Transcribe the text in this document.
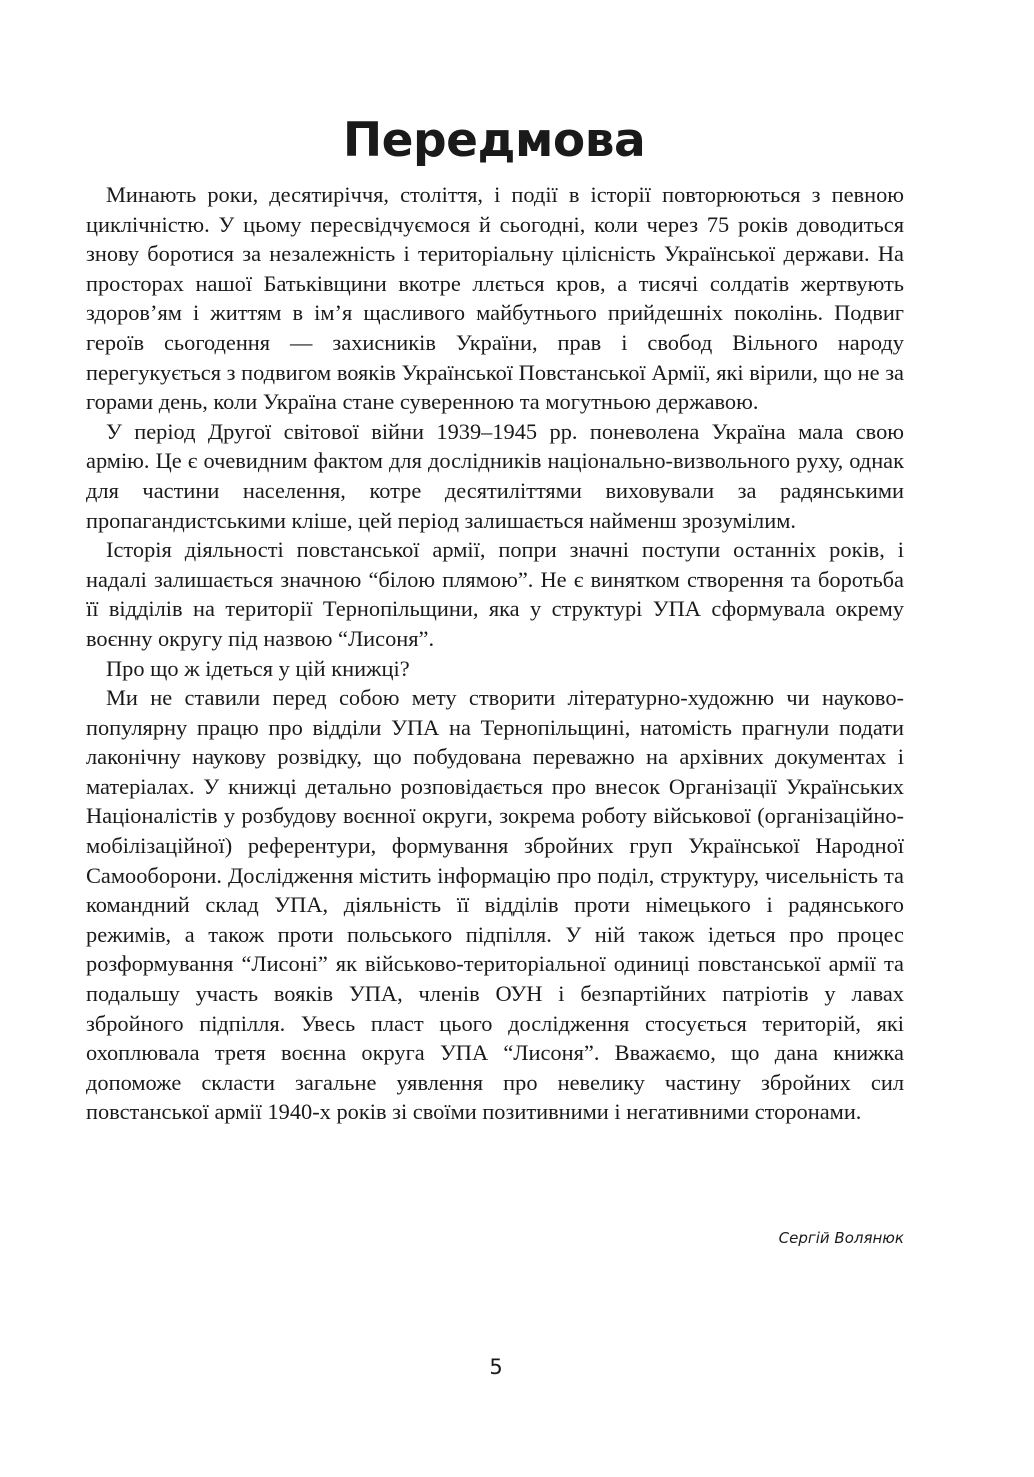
Передмова

Минають роки, десятиріччя, століття, і події в історії повторюються з певною циклічністю. У цьому пересвідчуємося й сьогодні, коли через 75 років доводиться знову боротися за незалежність і територіальну цілісність Української держави. На просторах нашої Батьківщини вкотре ллється кров, а тисячі солдатів жертвують здоров’ям і життям в ім’я щасливого майбутнього прийдешніх поколінь. Подвиг героїв сьогодення — захисників України, прав і свобод Вільного народу перегукується з подвигом вояків Української Повстанської Армії, які вірили, що не за горами день, коли Україна стане суверенною та могутньою державою.

У період Другої світової війни 1939–1945 рр. поневолена Україна мала свою армію. Це є очевидним фактом для дослідників національно-визвольного руху, однак для частини населення, котре десятиліттями виховували за радянськими пропагандистськими кліше, цей період залишається найменш зрозумілим.

Історія діяльності повстанської армії, попри значні поступи останніх років, і надалі залишається значною “білою плямою”. Не є винятком створення та боротьба її відділів на території Тернопільщини, яка у структурі УПА сформувала окрему воєнну округу під назвою “Лисоня”.

Про що ж ідеться у цій книжці?

Ми не ставили перед собою мету створити літературно-художню чи науково-популярну працю про відділи УПА на Тернопільщині, натомість прагнули подати лаконічну наукову розвідку, що побудована переважно на архівних документах і матеріалах. У книжці детально розповідається про внесок Організації Українських Націоналістів у розбудову воєнної округи, зокрема роботу військової (організаційно-мобілізаційної) референтури, формування збройних груп Української Народної Самооборони. Дослідження містить інформацію про поділ, структуру, чисельність та командний склад УПА, діяльність її відділів проти німецького і радянського режимів, а також проти польського підпілля. У ній також ідеться про процес розформування “Лисоні” як військово-територіальної одиниці повстанської армії та подальшу участь вояків УПА, членів ОУН і безпартійних патріотів у лавах збройного підпілля. Увесь пласт цього дослідження стосується територій, які охоплювала третя воєнна округа УПА “Лисоня”. Вважаємо, що дана книжка допоможе скласти загальне уявлення про невелику частину збройних сил повстанської армії 1940-х років зі своїми позитивними і негативними сторонами.

Сергій Волянюк
5
